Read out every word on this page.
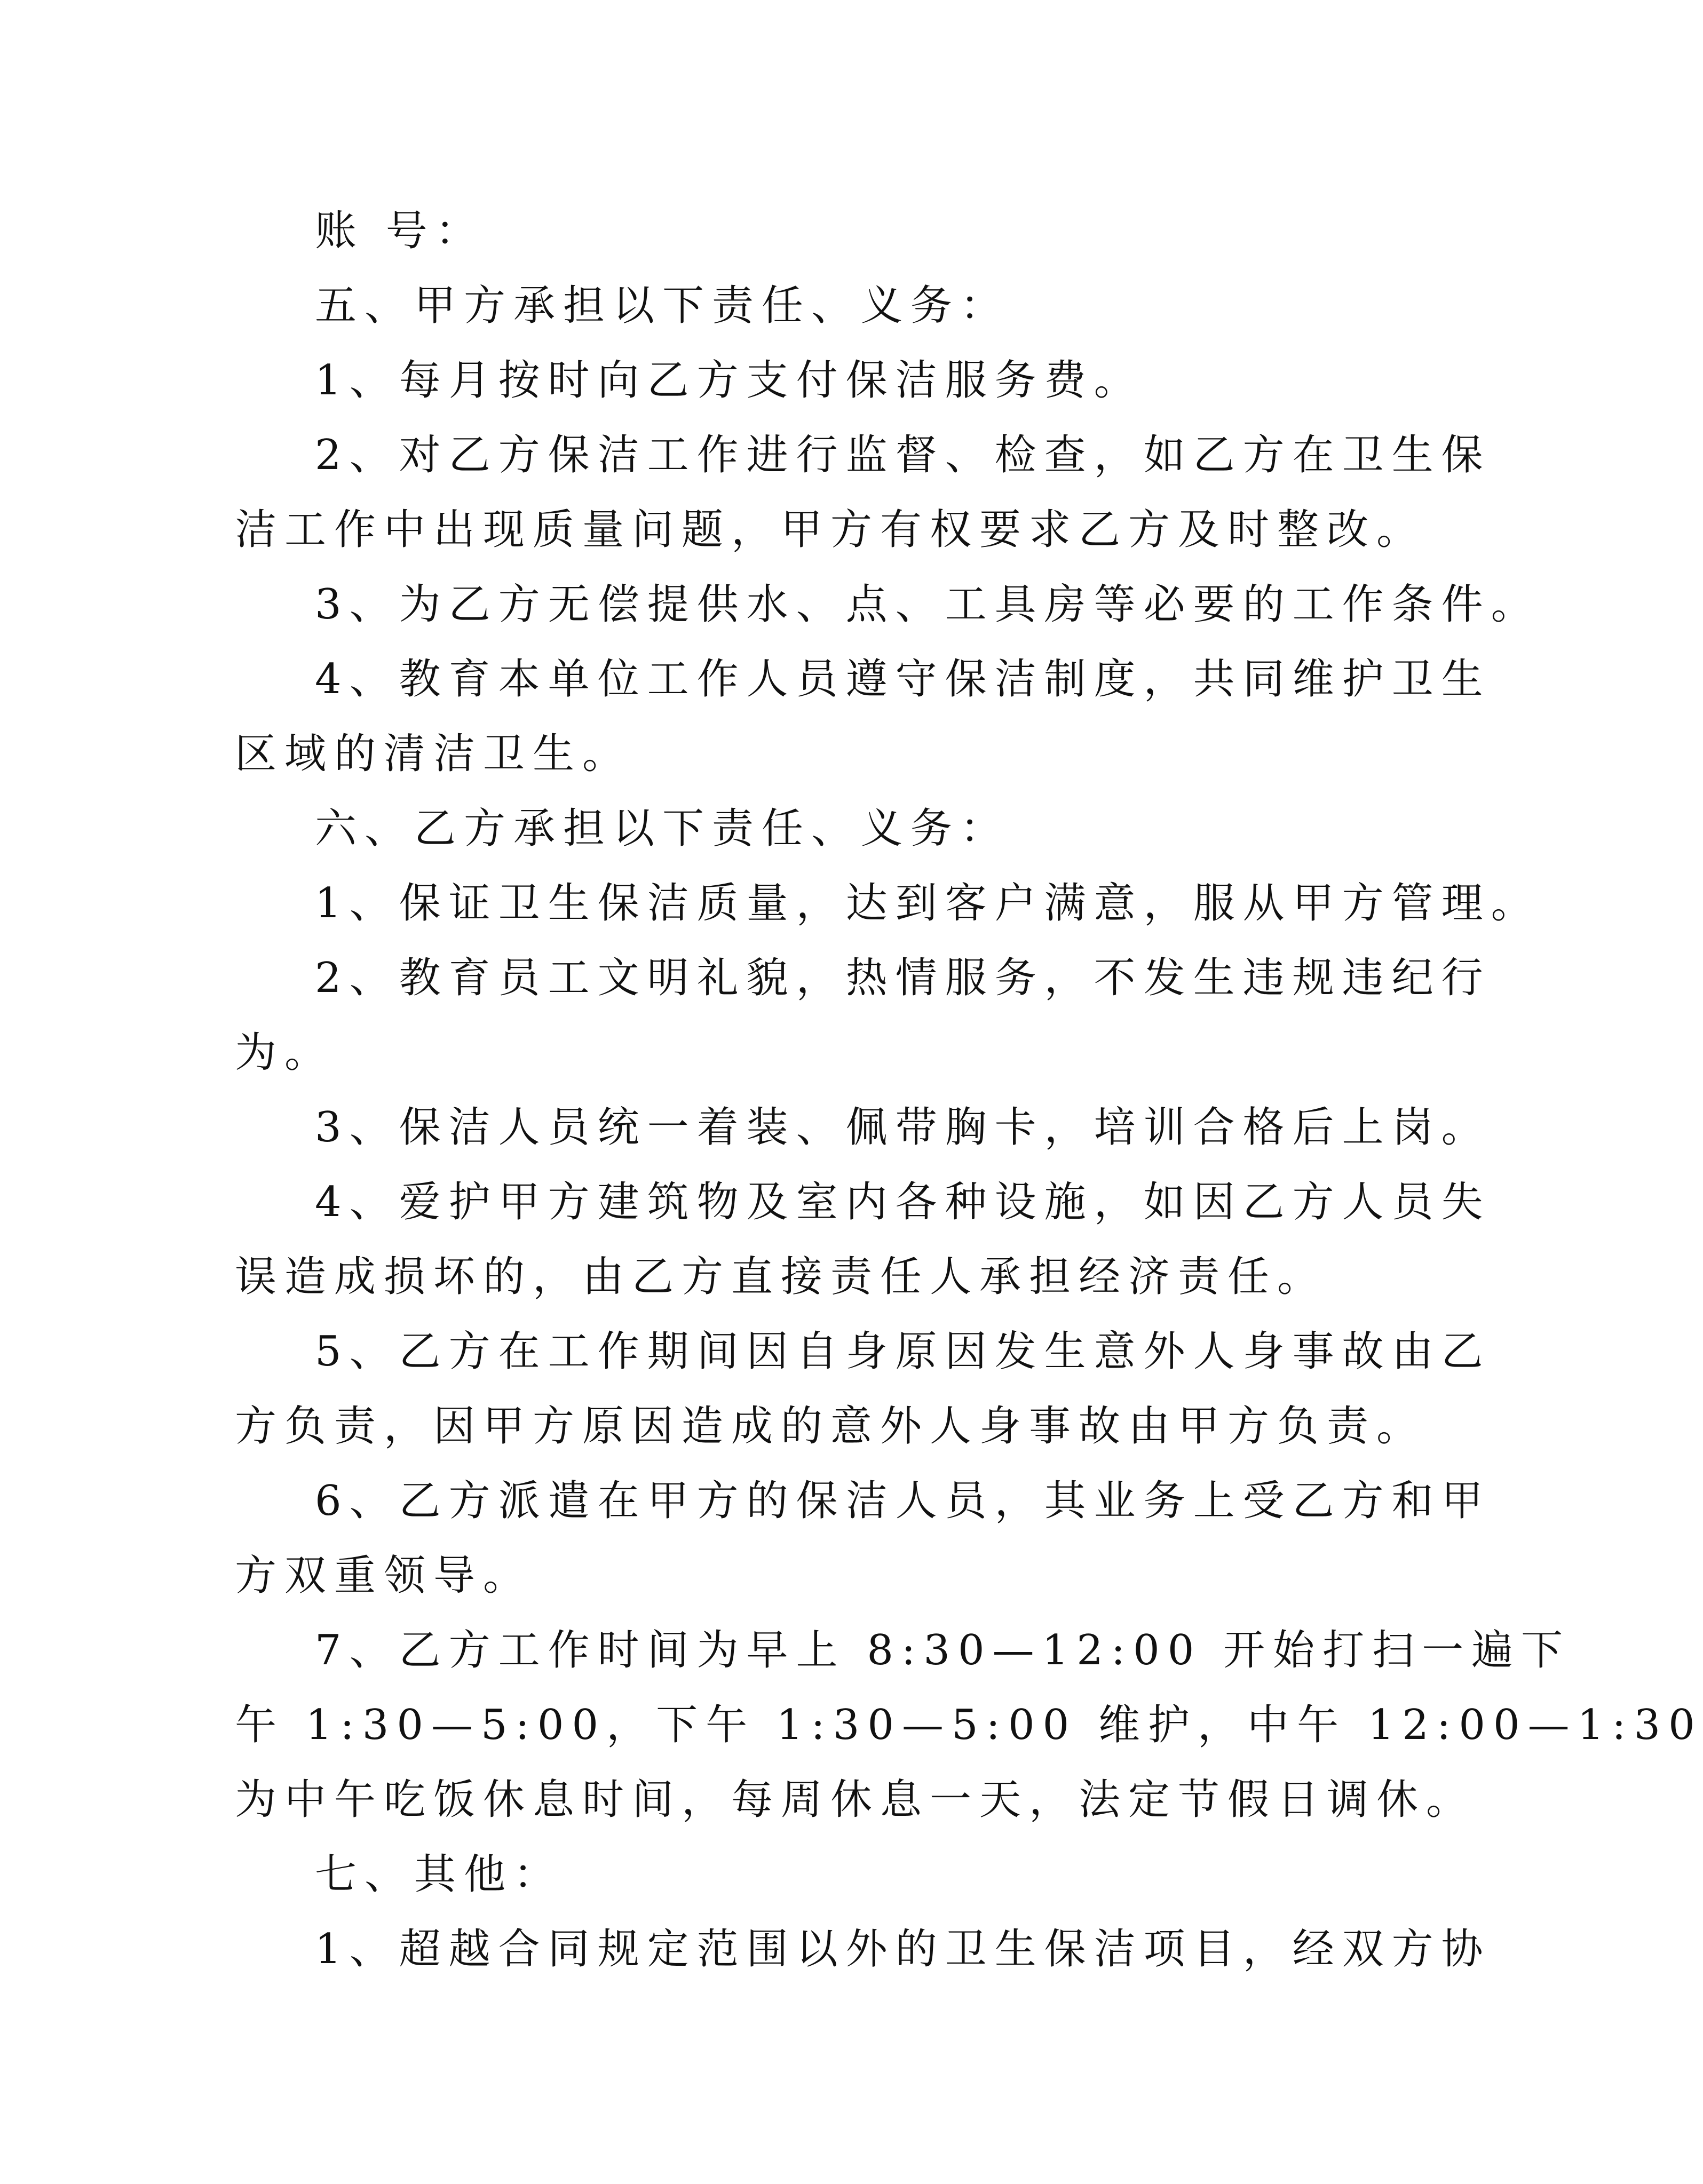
账 号：
五、甲方承担以下责任、义务：
1、每月按时向乙方支付保洁服务费。
2、对乙方保洁工作进行监督、检查，如乙方在卫生保
洁工作中出现质量问题，甲方有权要求乙方及时整改。
3、为乙方无偿提供水、点、工具房等必要的工作条件。
4、教育本单位工作人员遵守保洁制度，共同维护卫生
区域的清洁卫生。
六、乙方承担以下责任、义务：
1、保证卫生保洁质量，达到客户满意，服从甲方管理。
2、教育员工文明礼貌，热情服务，不发生违规违纪行
为。
3、保洁人员统一着装、佩带胸卡，培训合格后上岗。
4、爱护甲方建筑物及室内各种设施，如因乙方人员失
误造成损坏的，由乙方直接责任人承担经济责任。
5、乙方在工作期间因自身原因发生意外人身事故由乙
方负责，因甲方原因造成的意外人身事故由甲方负责。
6、乙方派遣在甲方的保洁人员，其业务上受乙方和甲
方双重领导。
7、乙方工作时间为早上 8:30—12:00 开始打扫一遍下
午 1:30—5:00，下午 1:30—5:00 维护，中午 12:00—1:30
为中午吃饭休息时间，每周休息一天，法定节假日调休。
七、其他：
1、超越合同规定范围以外的卫生保洁项目，经双方协
